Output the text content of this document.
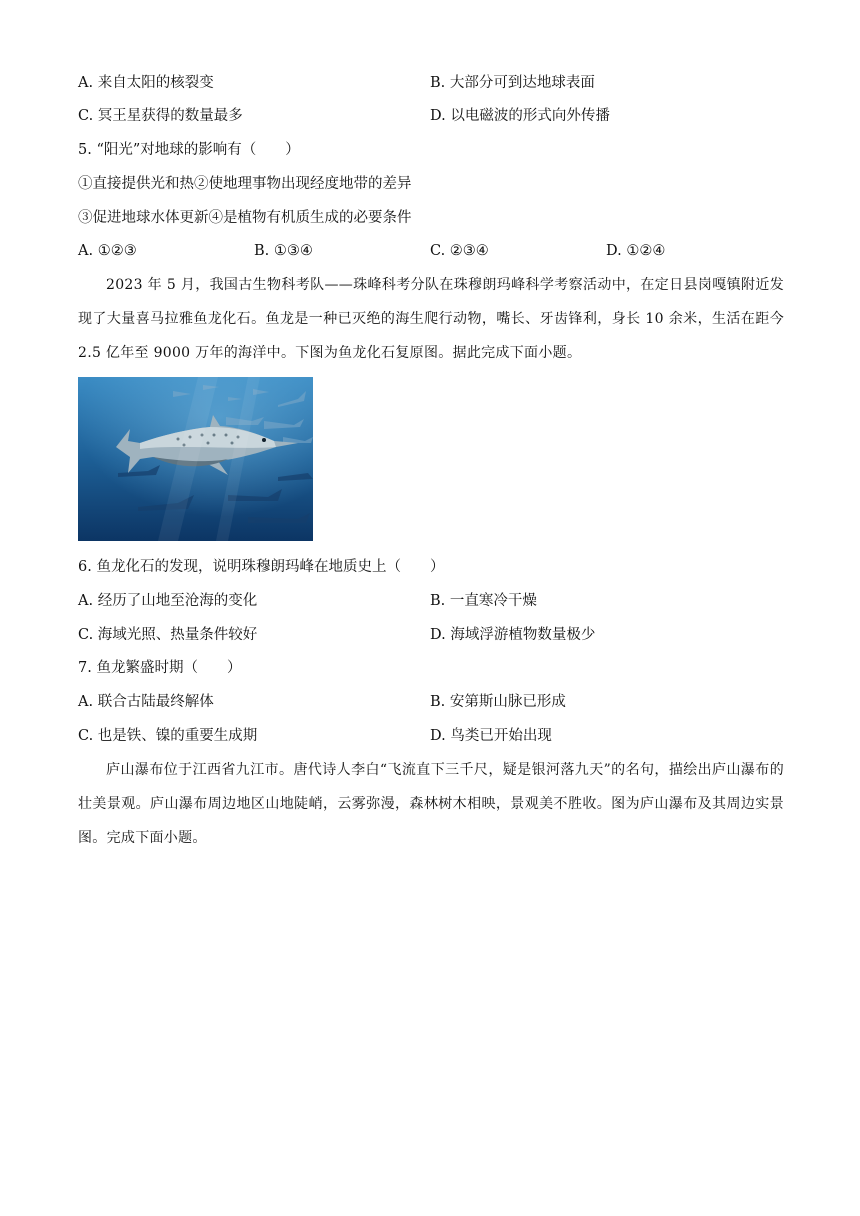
A. 来自太阳的核裂变	B. 大部分可到达地球表面
C. 冥王星获得的数量最多	D. 以电磁波的形式向外传播
5. “阳光”对地球的影响有（　　）
①直接提供光和热②使地理事物出现经度地带的差异
③促进地球水体更新④是植物有机质生成的必要条件
A. ①②③	B. ①③④	C. ②③④	D. ①②④
2023 年 5 月，我国古生物科考队——珠峰科考分队在珠穆朗玛峰科学考察活动中，在定日县岗嘎镇附近发现了大量喜马拉雅鱼龙化石。鱼龙是一种已灭绝的海生爬行动物，嘴长、牙齿锋利，身长 10 余米，生活在距今 2.5 亿年至 9000 万年的海洋中。下图为鱼龙化石复原图。据此完成下面小题。
6. 鱼龙化石的发现，说明珠穆朗玛峰在地质史上（　　）
A. 经历了山地至沧海的变化	B. 一直寒冷干燥
C. 海域光照、热量条件较好	D. 海域浮游植物数量极少
7. 鱼龙繁盛时期（　　）
A. 联合古陆最终解体	B. 安第斯山脉已形成
C. 也是铁、镍的重要生成期	D. 鸟类已开始出现
庐山瀑布位于江西省九江市。唐代诗人李白“飞流直下三千尺，疑是银河落九天”的名句，描绘出庐山瀑布的壮美景观。庐山瀑布周边地区山地陡峭，云雾弥漫，森林树木相映，景观美不胜收。图为庐山瀑布及其周边实景图。完成下面小题。
